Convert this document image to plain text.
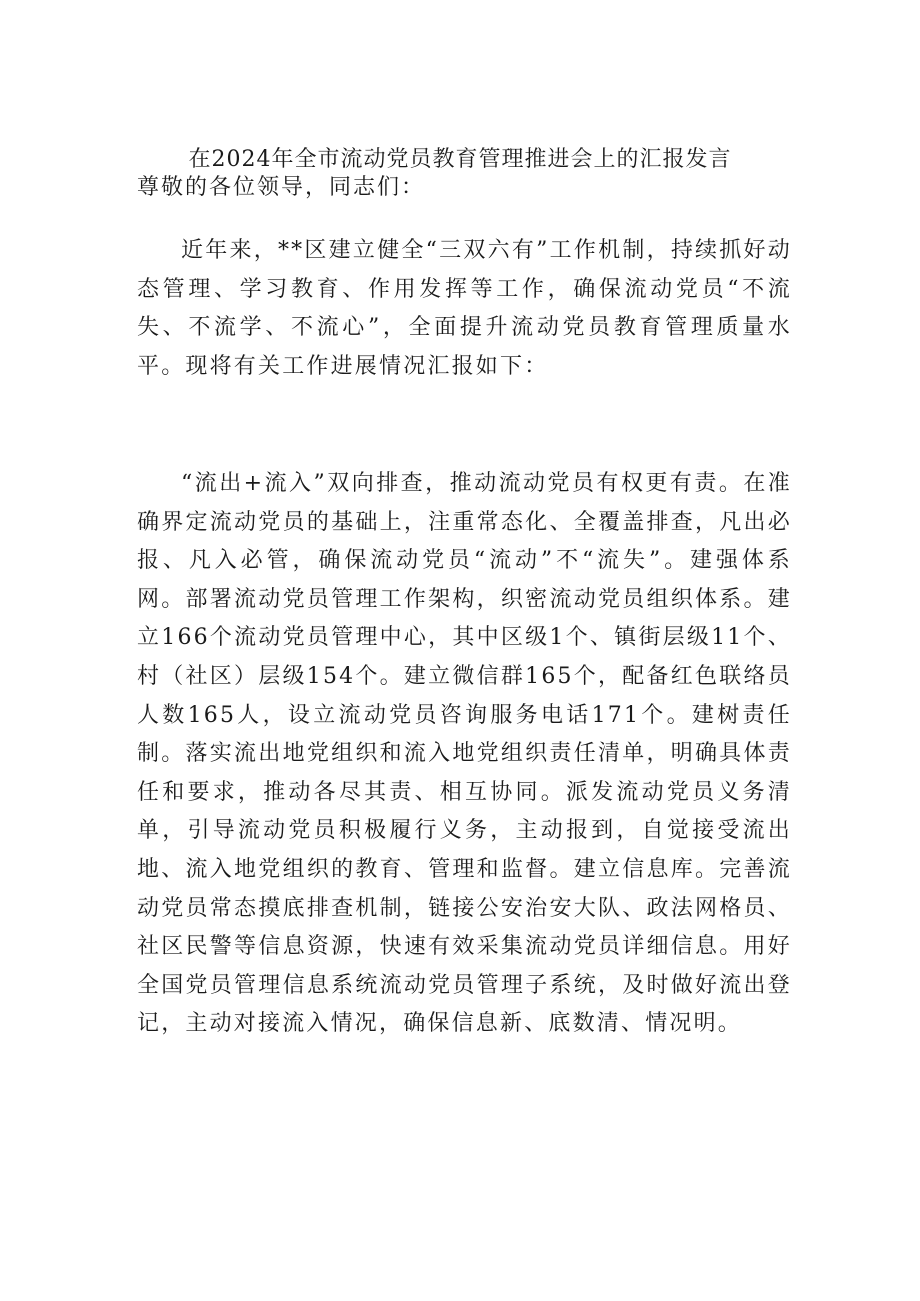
在2024年全市流动党员教育管理推进会上的汇报发言

尊敬的各位领导，同志们：

近年来，**区建立健全“三双六有”工作机制，持续抓好动态管理、学习教育、作用发挥等工作，确保流动党员“不流失、不流学、不流心”，全面提升流动党员教育管理质量水平。现将有关工作进展情况汇报如下：

“流出+流入”双向排查，推动流动党员有权更有责。在准确界定流动党员的基础上，注重常态化、全覆盖排查，凡出必报、凡入必管，确保流动党员“流动”不“流失”。建强体系网。部署流动党员管理工作架构，织密流动党员组织体系。建立166个流动党员管理中心，其中区级1个、镇街层级11个、村（社区）层级154个。建立微信群165个，配备红色联络员人数165人，设立流动党员咨询服务电话171个。建树责任制。落实流出地党组织和流入地党组织责任清单，明确具体责任和要求，推动各尽其责、相互协同。派发流动党员义务清单，引导流动党员积极履行义务，主动报到，自觉接受流出地、流入地党组织的教育、管理和监督。建立信息库。完善流动党员常态摸底排查机制，链接公安治安大队、政法网格员、社区民警等信息资源，快速有效采集流动党员详细信息。用好全国党员管理信息系统流动党员管理子系统，及时做好流出登记，主动对接流入情况，确保信息新、底数清、情况明。
